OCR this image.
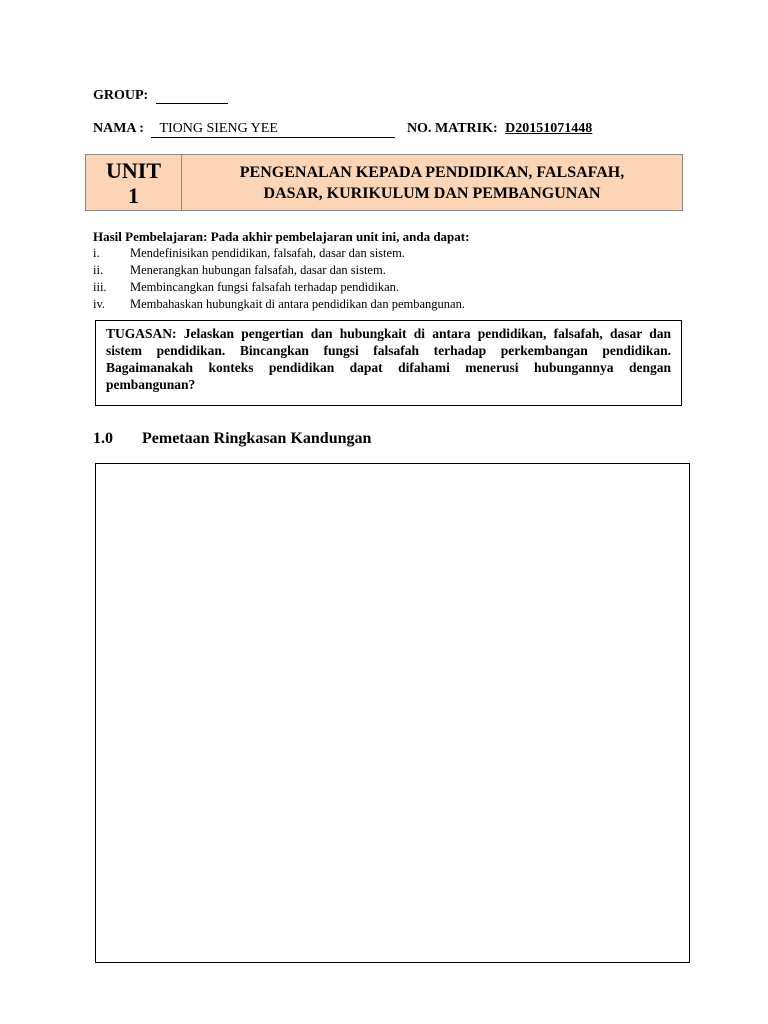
GROUP:
NAMA : TIONG SIENG YEE	NO. MATRIK: D20151071448
UNIT
1
PENGENALAN KEPADA PENDIDIKAN, FALSAFAH,
DASAR, KURIKULUM DAN PEMBANGUNAN
Hasil Pembelajaran: Pada akhir pembelajaran unit ini, anda dapat:
i.	Mendefinisikan pendidikan, falsafah, dasar dan sistem.
ii.	Menerangkan hubungan falsafah, dasar dan sistem.
iii.	Membincangkan fungsi falsafah terhadap pendidikan.
iv.	Membahaskan hubungkait di antara pendidikan dan pembangunan.
TUGASAN: Jelaskan pengertian dan hubungkait di antara pendidikan, falsafah, dasar dan sistem pendidikan. Bincangkan fungsi falsafah terhadap perkembangan pendidikan. Bagaimanakah konteks pendidikan dapat difahami menerusi hubungannya dengan pembangunan?
1.0 Pemetaan Ringkasan Kandungan
